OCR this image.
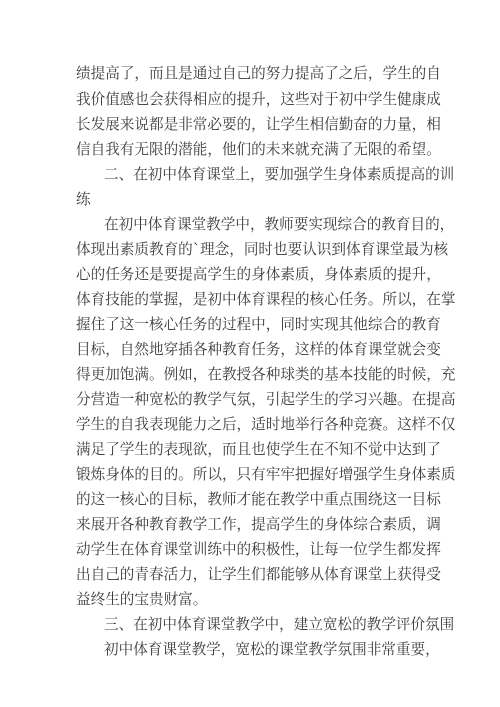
绩提高了，而且是通过自己的努力提高了之后，学生的自
我价值感也会获得相应的提升，这些对于初中学生健康成
长发展来说都是非常必要的，让学生相信勤奋的力量，相
信自我有无限的潜能，他们的未来就充满了无限的希望。
二、在初中体育课堂上，要加强学生身体素质提高的训
练
在初中体育课堂教学中，教师要实现综合的教育目的，
体现出素质教育的`理念，同时也要认识到体育课堂最为核
心的任务还是要提高学生的身体素质，身体素质的提升，
体育技能的掌握，是初中体育课程的核心任务。所以，在掌
握住了这一核心任务的过程中，同时实现其他综合的教育
目标，自然地穿插各种教育任务，这样的体育课堂就会变
得更加饱满。例如，在教授各种球类的基本技能的时候，充
分营造一种宽松的教学气氛，引起学生的学习兴趣。在提高
学生的自我表现能力之后，适时地举行各种竞赛。这样不仅
满足了学生的表现欲，而且也使学生在不知不觉中达到了
锻炼身体的目的。所以，只有牢牢把握好增强学生身体素质
的这一核心的目标，教师才能在教学中重点围绕这一目标
来展开各种教育教学工作，提高学生的身体综合素质，调
动学生在体育课堂训练中的积极性，让每一位学生都发挥
出自己的青春活力，让学生们都能够从体育课堂上获得受
益终生的宝贵财富。
三、在初中体育课堂教学中，建立宽松的教学评价氛围
初中体育课堂教学，宽松的课堂教学氛围非常重要，
